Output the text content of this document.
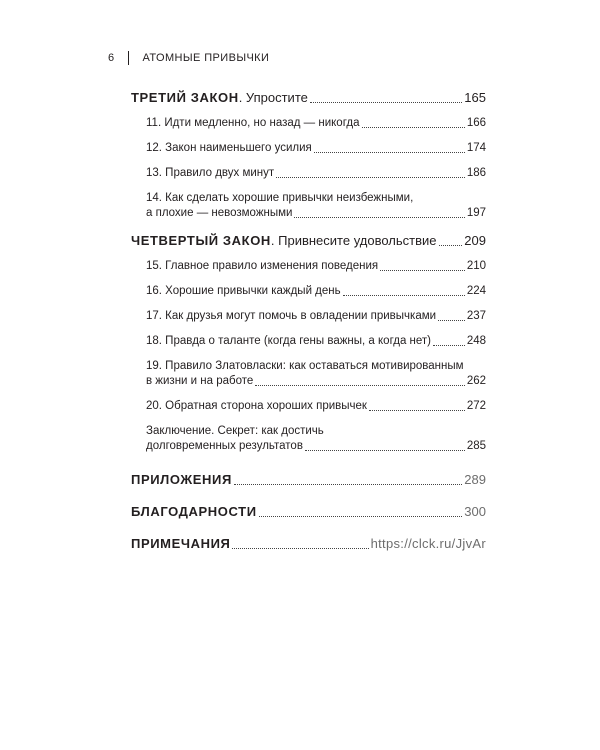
6	АТОМНЫЕ ПРИВЫЧКИ
ТРЕТИЙ ЗАКОН. Упростите	165
11. Идти медленно, но назад — никогда	166
12. Закон наименьшего усилия	174
13. Правило двух минут	186
14. Как сделать хорошие привычки неизбежными,
а плохие — невозможными	197
ЧЕТВЕРТЫЙ ЗАКОН. Привнесите удовольствие 209
15. Главное правило изменения поведения	210
16. Хорошие привычки каждый день	224
17. Как друзья могут помочь в овладении привычками	237
18. Правда о таланте (когда гены важны, а когда нет)	248
19. Правило Златовласки: как оставаться мотивированным
в жизни и на работе	262
20. Обратная сторона хороших привычек	272
Заключение. Секрет: как достичь
долговременных результатов	285
ПРИЛОЖЕНИЯ	289
БЛАГОДАРНОСТИ	300
ПРИМЕЧАНИЯ	https://clck.ru/JjvAr
